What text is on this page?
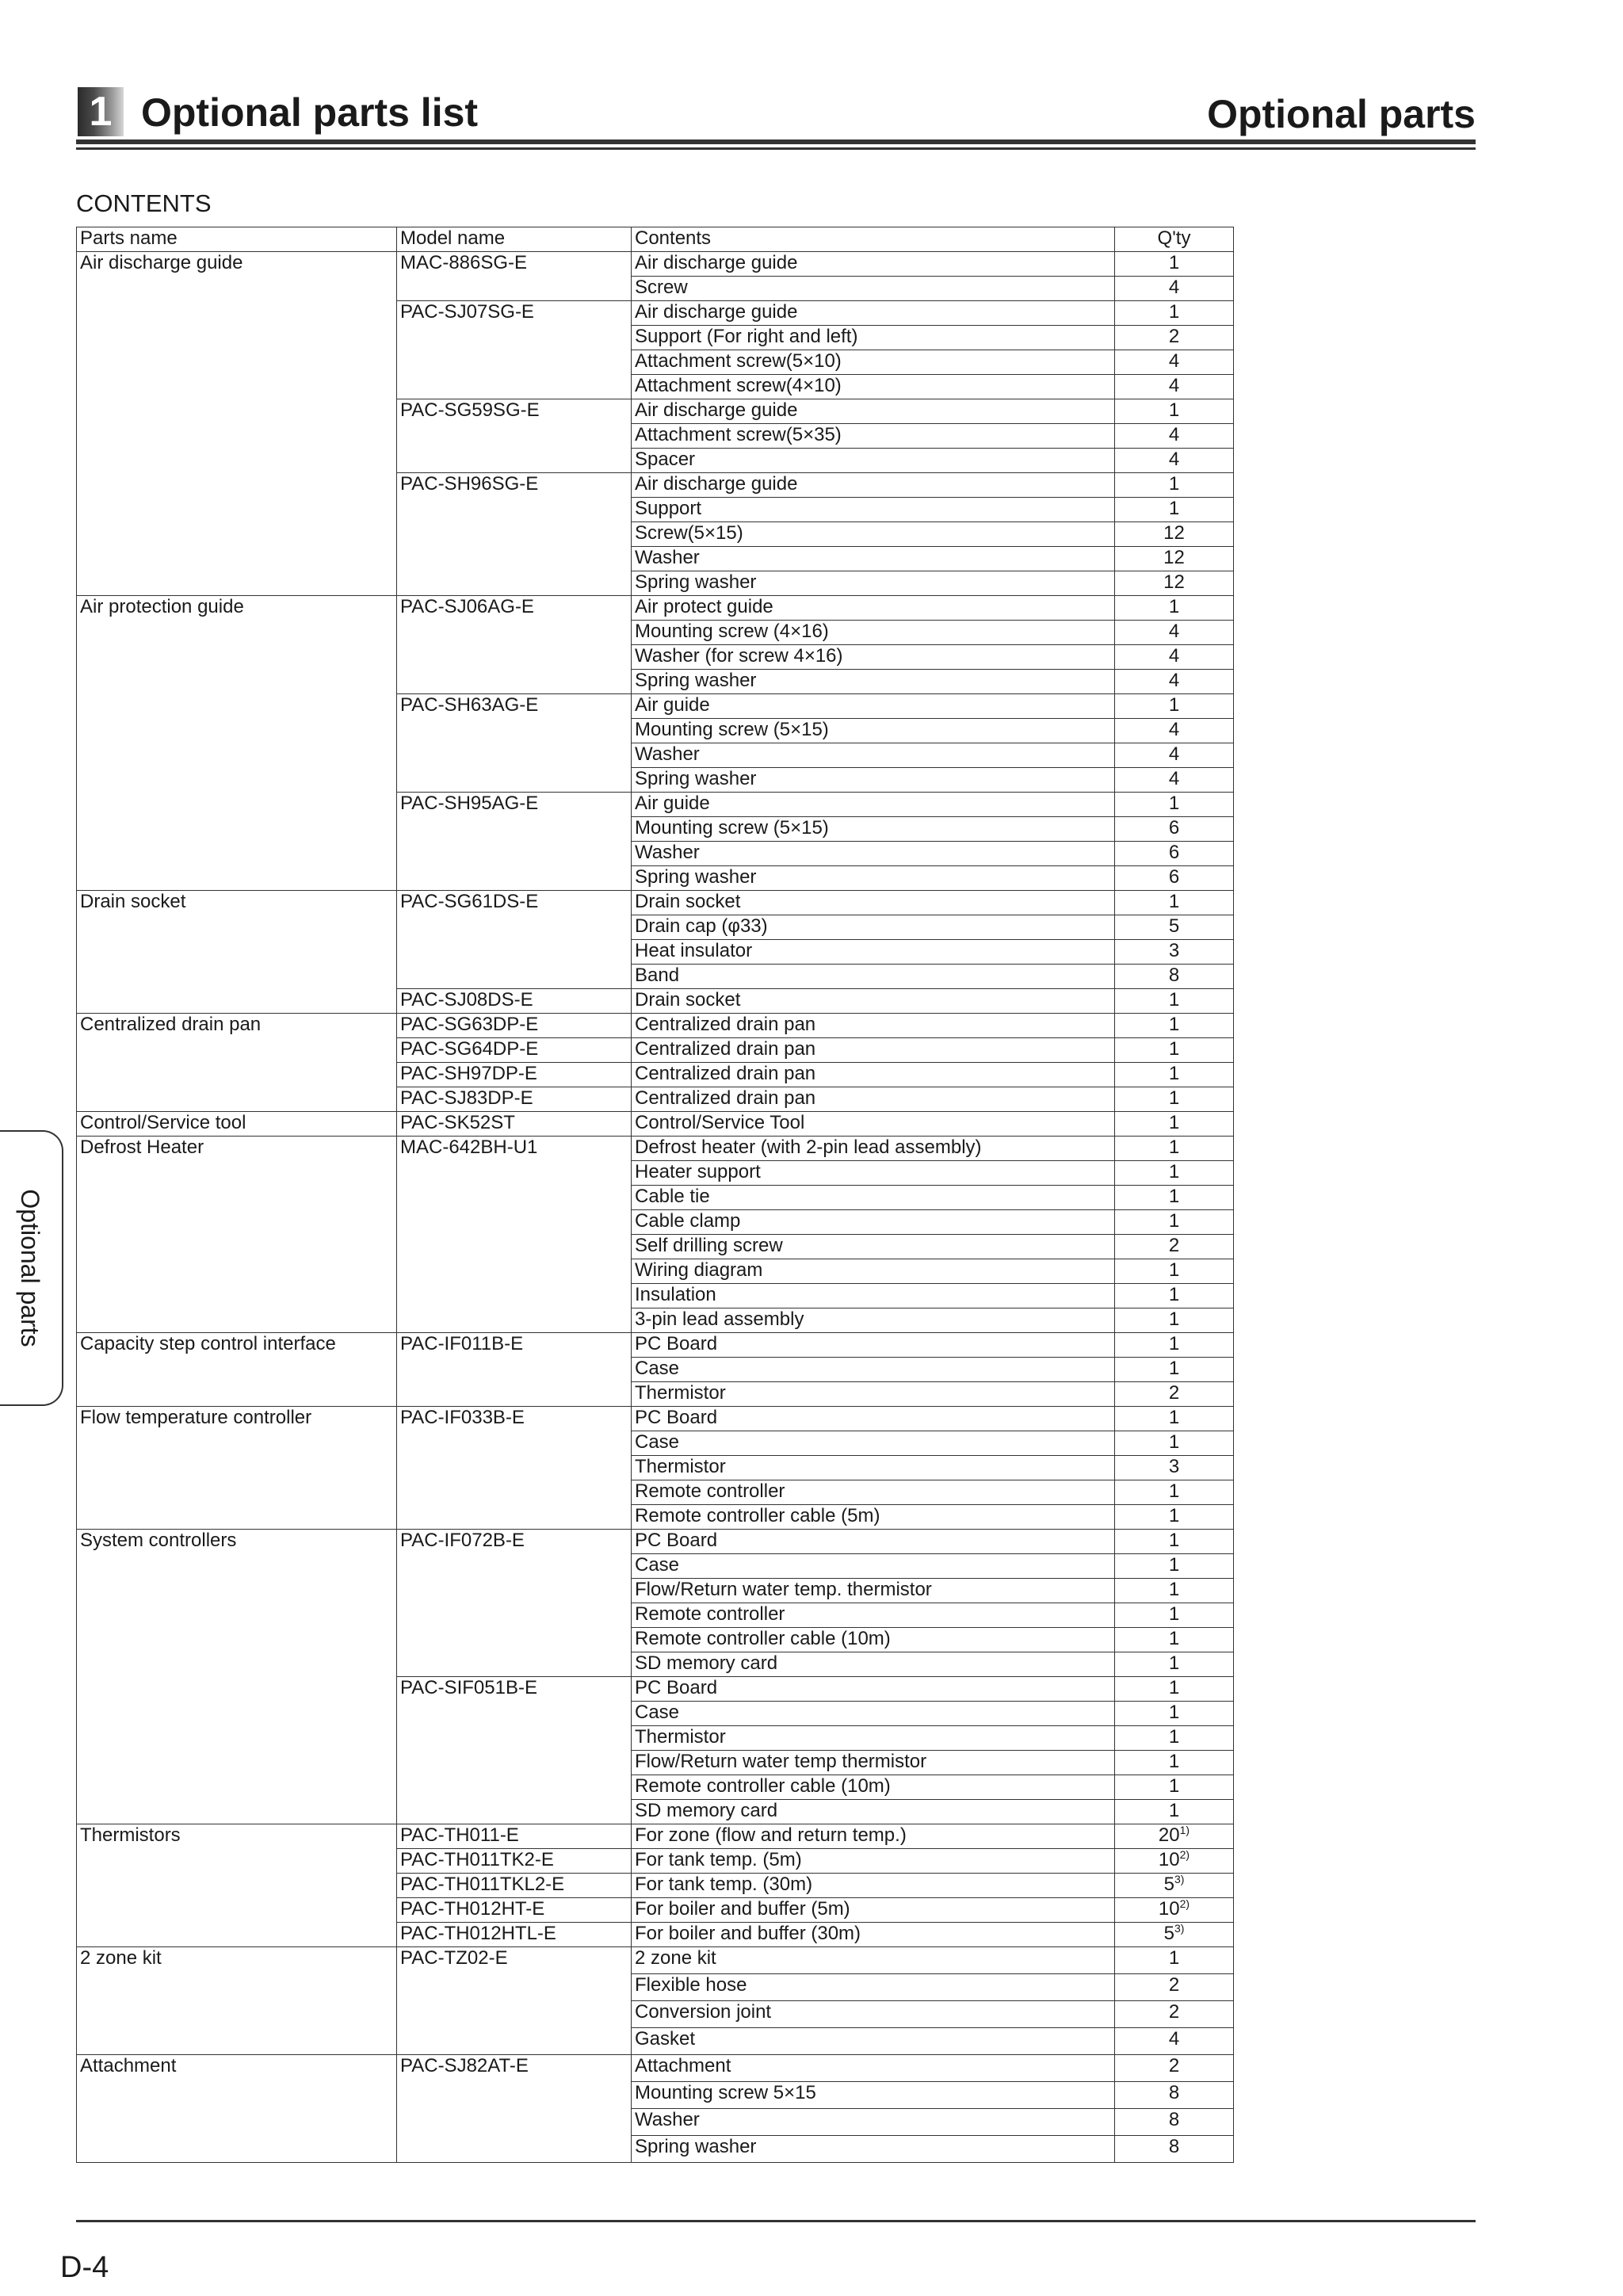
1 Optional parts list	Optional parts
CONTENTS
Parts name	Model name	Contents	Q'ty
Air discharge guide	MAC-886SG-E	Air discharge guide	1
		Screw	4
	PAC-SJ07SG-E	Air discharge guide	1
		Support (For right and left)	2
		Attachment screw(5×10)	4
		Attachment screw(4×10)	4
	PAC-SG59SG-E	Air discharge guide	1
		Attachment screw(5×35)	4
		Spacer	4
	PAC-SH96SG-E	Air discharge guide	1
		Support	1
		Screw(5×15)	12
		Washer	12
		Spring washer	12
Air protection guide	PAC-SJ06AG-E	Air protect guide	1
		Mounting screw (4×16)	4
		Washer (for screw 4×16)	4
		Spring washer	4
	PAC-SH63AG-E	Air guide	1
		Mounting screw (5×15)	4
		Washer	4
		Spring washer	4
	PAC-SH95AG-E	Air guide	1
		Mounting screw (5×15)	6
		Washer	6
		Spring washer	6
Drain socket	PAC-SG61DS-E	Drain socket	1
		Drain cap (φ33)	5
		Heat insulator	3
		Band	8
	PAC-SJ08DS-E	Drain socket	1
Centralized drain pan	PAC-SG63DP-E	Centralized drain pan	1
	PAC-SG64DP-E	Centralized drain pan	1
	PAC-SH97DP-E	Centralized drain pan	1
	PAC-SJ83DP-E	Centralized drain pan	1
Control/Service tool	PAC-SK52ST	Control/Service Tool	1
Defrost Heater	MAC-642BH-U1	Defrost heater (with 2-pin lead assembly)	1
		Heater support	1
		Cable tie	1
		Cable clamp	1
		Self drilling screw	2
		Wiring diagram	1
		Insulation	1
		3-pin lead assembly	1
Capacity step control interface	PAC-IF011B-E	PC Board	1
		Case	1
		Thermistor	2
Flow temperature controller	PAC-IF033B-E	PC Board	1
		Case	1
		Thermistor	3
		Remote controller	1
		Remote controller cable (5m)	1
System controllers	PAC-IF072B-E	PC Board	1
		Case	1
		Flow/Return water temp. thermistor	1
		Remote controller	1
		Remote controller cable (10m)	1
		SD memory card	1
	PAC-SIF051B-E	PC Board	1
		Case	1
		Thermistor	1
		Flow/Return water temp thermistor	1
		Remote controller cable (10m)	1
		SD memory card	1
Thermistors	PAC-TH011-E	For zone (flow and return temp.)	20$^{1)}$
	PAC-TH011TK2-E	For tank temp. (5m)	10$^{2)}$
	PAC-TH011TKL2-E	For tank temp. (30m)	5$^{3)}$
	PAC-TH012HT-E	For boiler and buffer (5m)	10$^{2)}$
	PAC-TH012HTL-E	For boiler and buffer (30m)	5$^{3)}$
2 zone kit	PAC-TZ02-E	2 zone kit	1
		Flexible hose	2
		Conversion joint	2
		Gasket	4
Attachment	PAC-SJ82AT-E	Attachment	2
		Mounting screw 5×15	8
		Washer	8
		Spring washer	8
Optional parts
D-4
